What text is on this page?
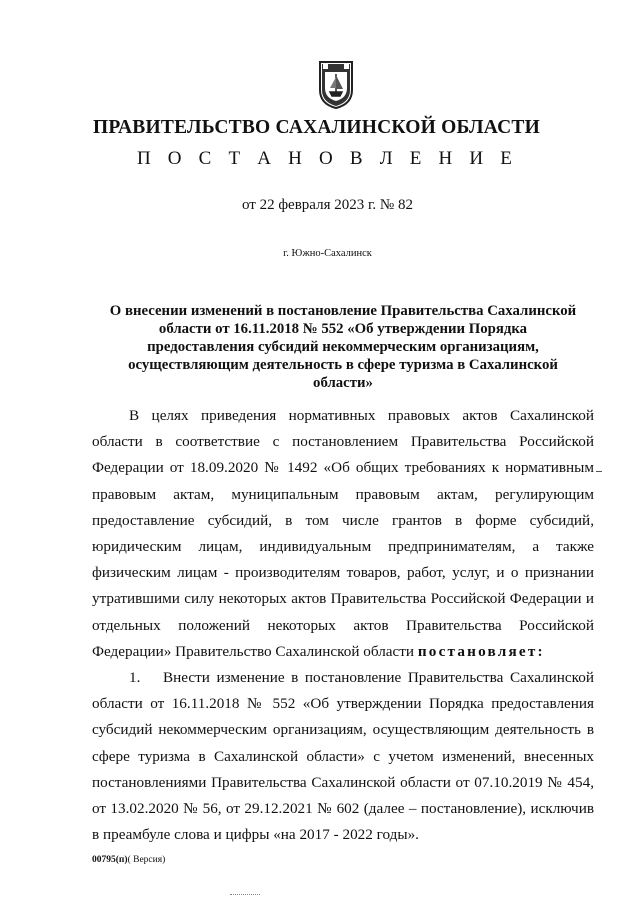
ПРАВИТЕЛЬСТВО САХАЛИНСКОЙ ОБЛАСТИ
П О С Т А Н О В Л Е Н И Е
от 22 февраля 2023 г. № 82
г. Южно-Сахалинск
О внесении изменений в постановление Правительства Сахалинской области от 16.11.2018 № 552 «Об утверждении Порядка предоставления субсидий некоммерческим организациям, осуществляющим деятельность в сфере туризма в Сахалинской области»

В целях приведения нормативных правовых актов Сахалинской области в соответствие с постановлением Правительства Российской Федерации от 18.09.2020 № 1492 «Об общих требованиях к нормативным правовым актам, муниципальным правовым актам, регулирующим предоставление субсидий, в том числе грантов в форме субсидий, юридическим лицам, индивидуальным предпринимателям, а также физическим лицам - производителям товаров, работ, услуг, и о признании утратившими силу некоторых актов Правительства Российской Федерации и отдельных положений некоторых актов Правительства Российской Федерации» Правительство Сахалинской области постановляет:

1. Внести изменение в постановление Правительства Сахалинской области от 16.11.2018 № 552 «Об утверждении Порядка предоставления субсидий некоммерческим организациям, осуществляющим деятельность в сфере туризма в Сахалинской области» с учетом изменений, внесенных постановлениями Правительства Сахалинской области от 07.10.2019 № 454, от 13.02.2020 № 56, от 29.12.2021 № 602 (далее – постановление), исключив в преамбуле слова и цифры «на 2017 - 2022 годы».

00795(п)( Версия)
